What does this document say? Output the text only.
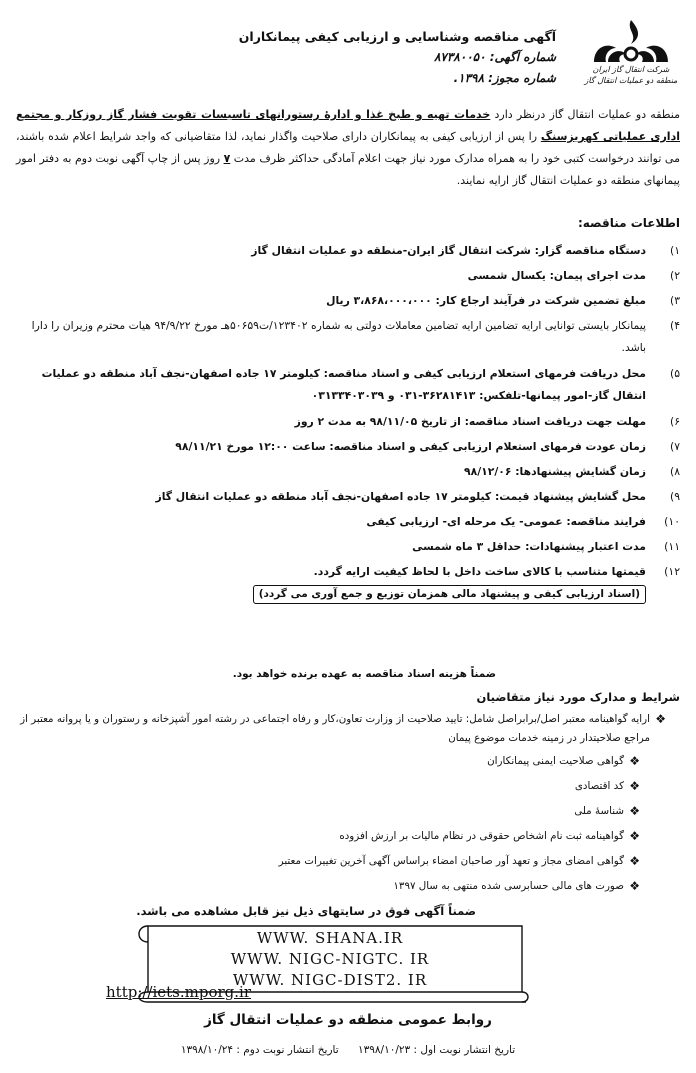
شرکت انتقال گاز ایران
منطقه دو عملیات انتقال گاز
آگهی مناقصه وشناسایی و ارزیابی کیفی پیمانکاران
شماره آگهی: ۸۷۳۸۰۰۵۰
شماره مجوز: ۱۳۹۸.
منطقه دو عملیات انتقال گاز درنظر دارد خدمات تهیه و طبخ غذا و ادارهٔ رستورانهای تاسیسات تقویت فشار گاز روزکار و مجتمع اداری عملیاتی کهریزسنگ را پس از ارزیابی کیفی به پیمانکاران دارای صلاحیت واگذار نماید، لذا متقاضیانی که واجد شرایط اعلام شده باشند، می توانند درخواست کتبی خود را به همراه مدارک مورد نیاز جهت اعلام آمادگی حداکثر ظرف مدت ۷ روز پس از چاپ آگهی نوبت دوم به دفتر امور پیمانهای منطقه دو عملیات انتقال گاز ارایه نمایند.
اطلاعات مناقصه:
۱)
دستگاه مناقصه گزار: شرکت انتقال گاز ایران-منطقه دو عملیات انتقال گاز
۲)
مدت اجرای پیمان: یکسال شمسی
۳)
مبلغ تضمین شرکت در فرآیند ارجاع کار: ۳،۸۶۸،۰۰۰،۰۰۰ ریال
۴)
پیمانکار بایستی توانایی ارایه تضامین ارایه تضامین معاملات دولتی به شماره ۱۲۳۴۰۲/ت۵۰۶۵۹هـ مورخ ۹۴/۹/۲۲ هیات محترم وزیران را دارا باشد.
۵)
محل دریافت فرمهای استعلام ارزیابی کیفی و اسناد مناقصه: کیلومتر ۱۷ جاده اصفهان-نجف آباد منطقه دو عملیات انتقال گاز-امور پیمانها-تلفکس: ۳۶۲۸۱۴۱۳-۰۳۱ و ۰۳۱۳۳۴۰۳۰۳۹
۶)
مهلت جهت دریافت اسناد مناقصه: از تاریخ ۹۸/۱۱/۰۵ به مدت ۲ روز
۷)
زمان عودت فرمهای استعلام ارزیابی کیفی و اسناد مناقصه: ساعت ۱۲:۰۰ مورخ ۹۸/۱۱/۲۱
۸)
زمان گشایش پیشنهادها: ۹۸/۱۲/۰۶
۹)
محل گشایش پیشنهاد قیمت: کیلومتر ۱۷ جاده اصفهان-نجف آباد منطقه دو عملیات انتقال گاز
۱۰)
فرایند مناقصه: عمومی- یک مرحله ای- ارزیابی کیفی
۱۱)
مدت اعتبار پیشنهادات: حداقل ۳ ماه شمسی
۱۲)
قیمتها متناسب با کالای ساخت داخل با لحاظ کیفیت ارایه گردد.
(اسناد ارزیابی کیفی و پیشنهاد مالی همزمان توزیع و جمع آوری می گردد)
ضمناً هزینه اسناد مناقصه به عهده برنده خواهد بود.
شرایط و مدارک مورد نیاز متقاضیان
❖
ارایه گواهینامه معتبر اصل/برابراصل شامل: تایید صلاحیت از وزارت تعاون،کار و رفاه اجتماعی در رشته امور آشپزخانه و رستوران و یا پروانه معتبر از مراجع صلاحیتدار در زمینه خدمات موضوع پیمان
❖
گواهی صلاحیت ایمنی پیمانکاران
❖
کد اقتصادی
❖
شناسهٔ ملی
❖
گواهینامه ثبت نام اشخاص حقوقی در نظام مالیات بر ارزش افزوده
❖
گواهی امضای مجاز و تعهد آور صاحبان امضاء براساس آگهی آخرین تغییرات معتبر
❖
صورت های مالی حسابرسی شده منتهی به سال ۱۳۹۷
ضمناً آگهی فوق در سایتهای ذیل نیز قابل مشاهده می باشد.
WWW. SHANA.IR
WWW. NIGC-NIGTC. IR
WWW. NIGC-DIST2. IR
http://iets.mporg.ir
روابط عمومی منطقه دو عملیات انتقال گاز
تاریخ انتشار نوبت اول : ۱۳۹۸/۱۰/۲۳ تاریخ انتشار نوبت دوم : ۱۳۹۸/۱۰/۲۴
